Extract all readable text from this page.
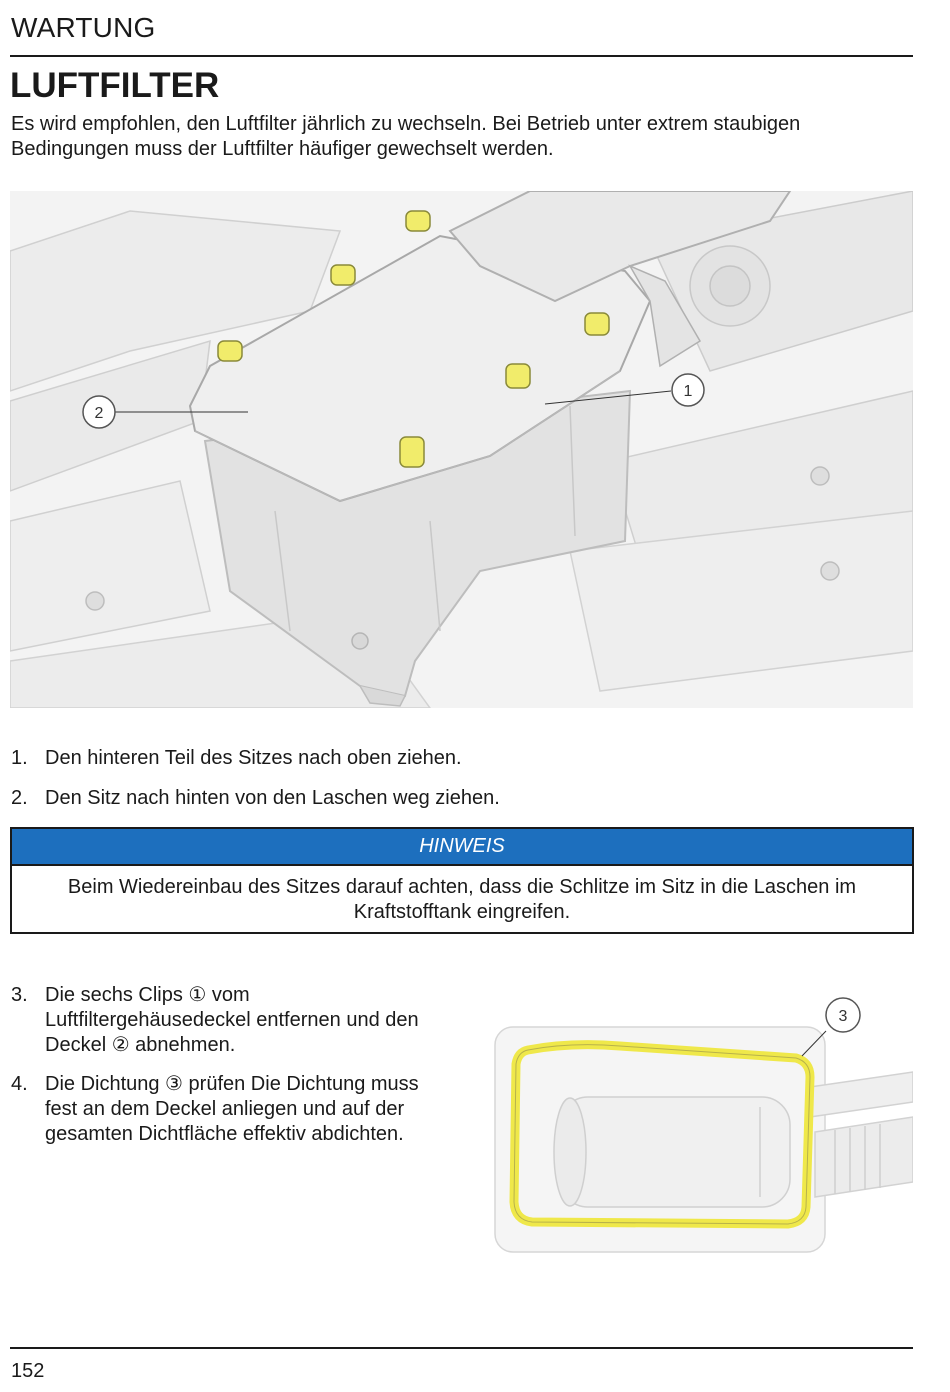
WARTUNG
LUFTFILTER
Es wird empfohlen, den Luftfilter jährlich zu wechseln. Bei Betrieb unter extrem staubigen Bedingungen muss der Luftfilter häufiger gewechselt werden.
2
1
1. Den hinteren Teil des Sitzes nach oben ziehen.
2. Den Sitz nach hinten von den Laschen weg ziehen.
HINWEIS
Beim Wiedereinbau des Sitzes darauf achten, dass die Schlitze im Sitz in die Laschen im Kraftstofftank eingreifen.
3. Die sechs Clips ① vom Luftfiltergehäusedeckel entfernen und den Deckel ② abnehmen.
4. Die Dichtung ③ prüfen Die Dichtung muss fest an dem Deckel anliegen und auf der gesamten Dichtfläche effektiv abdichten.
3
152
